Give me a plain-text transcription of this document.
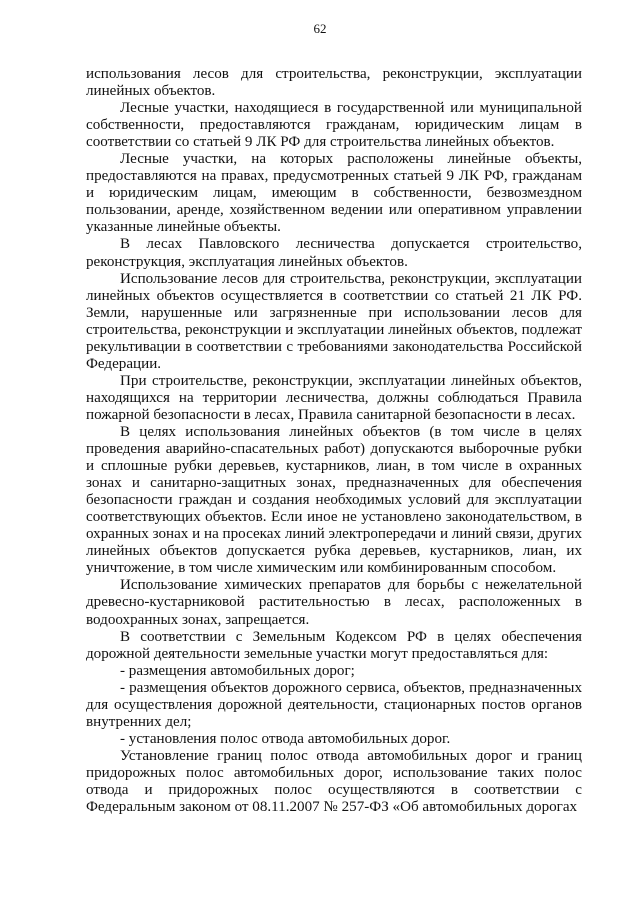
62

использования лесов для строительства, реконструкции, эксплуатации линейных объектов.

Лесные участки, находящиеся в государственной или муниципальной собственности, предоставляются гражданам, юридическим лицам в соответствии со статьей 9 ЛК РФ для строительства линейных объектов.

Лесные участки, на которых расположены линейные объекты, предоставляются на правах, предусмотренных статьей 9 ЛК РФ, гражданам и юридическим лицам, имеющим в собственности, безвозмездном пользовании, аренде, хозяйственном ведении или оперативном управлении указанные линейные объекты.

В лесах Павловского лесничества допускается строительство, реконструкция, эксплуатация линейных объектов.

Использование лесов для строительства, реконструкции, эксплуатации линейных объектов осуществляется в соответствии со статьей 21 ЛК РФ. Земли, нарушенные или загрязненные при использовании лесов для строительства, реконструкции и эксплуатации линейных объектов, подлежат рекультивации в соответствии с требованиями законодательства Российской Федерации.

При строительстве, реконструкции, эксплуатации линейных объектов, находящихся на территории лесничества, должны соблюдаться Правила пожарной безопасности в лесах, Правила санитарной безопасности в лесах.

В целях использования линейных объектов (в том числе в целях проведения аварийно-спасательных работ) допускаются выборочные рубки и сплошные рубки деревьев, кустарников, лиан, в том числе в охранных зонах и санитарно-защитных зонах, предназначенных для обеспечения безопасности граждан и создания необходимых условий для эксплуатации соответствующих объектов. Если иное не установлено законодательством, в охранных зонах и на просеках линий электропередачи и линий связи, других линейных объектов допускается рубка деревьев, кустарников, лиан, их уничтожение, в том числе химическим или комбинированным способом.

Использование химических препаратов для борьбы с нежелательной древесно-кустарниковой растительностью в лесах, расположенных в водоохранных зонах, запрещается.

В соответствии с Земельным Кодексом РФ в целях обеспечения дорожной деятельности земельные участки могут предоставляться для:

- размещения автомобильных дорог;

- размещения объектов дорожного сервиса, объектов, предназначенных для осуществления дорожной деятельности, стационарных постов органов внутренних дел;

- установления полос отвода автомобильных дорог.

Установление границ полос отвода автомобильных дорог и границ придорожных полос автомобильных дорог, использование таких полос отвода и придорожных полос осуществляются в соответствии с Федеральным законом от 08.11.2007 № 257-ФЗ «Об автомобильных дорогах
